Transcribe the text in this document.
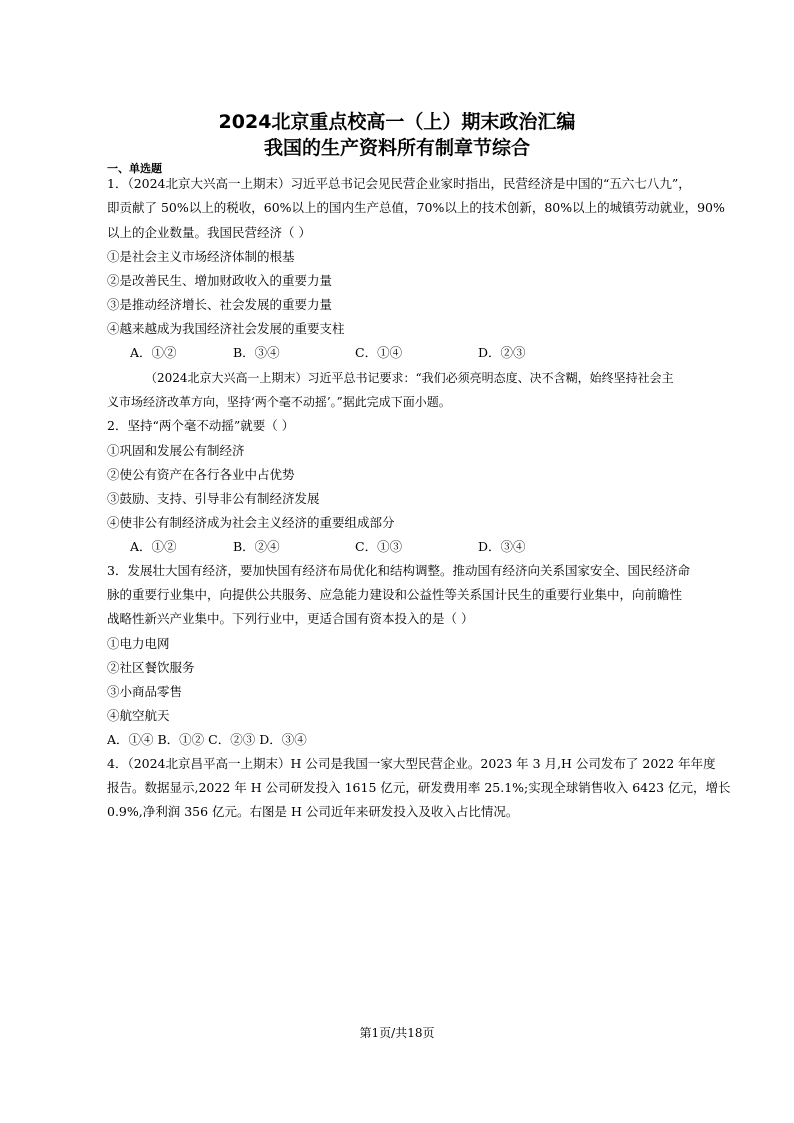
2024北京重点校高一（上）期末政治汇编
我国的生产资料所有制章节综合
一、单选题
1．（2024北京大兴高一上期末）习近平总书记会见民营企业家时指出，民营经济是中国的“五六七八九”，
即贡献了 50%以上的税收，60%以上的国内生产总值，70%以上的技术创新，80%以上的城镇劳动就业，90%
以上的企业数量。我国民营经济（ ）
①是社会主义市场经济体制的根基
②是改善民生、增加财政收入的重要力量
③是推动经济增长、社会发展的重要力量
④越来越成为我国经济社会发展的重要支柱
A．①②	B．③④	C．①④	D．②③
（2024北京大兴高一上期末）习近平总书记要求：“我们必须亮明态度、决不含糊，始终坚持社会主
义市场经济改革方向，坚持‘两个毫不动摇’。”据此完成下面小题。
2．坚持“两个毫不动摇”就要（ ）
①巩固和发展公有制经济
②使公有资产在各行各业中占优势
③鼓励、支持、引导非公有制经济发展
④使非公有制经济成为社会主义经济的重要组成部分
A．①②	B．②④	C．①③	D．③④
3．发展壮大国有经济，要加快国有经济布局优化和结构调整。推动国有经济向关系国家安全、国民经济命
脉的重要行业集中，向提供公共服务、应急能力建设和公益性等关系国计民生的重要行业集中，向前瞻性
战略性新兴产业集中。下列行业中，更适合国有资本投入的是（ ）
①电力电网
②社区餐饮服务
③小商品零售
④航空航天
A．①④ B．①② C．②③ D．③④
4．（2024北京昌平高一上期末）H 公司是我国一家大型民营企业。2023 年 3 月,H 公司发布了 2022 年年度
报告。数据显示,2022 年 H 公司研发投入 1615 亿元，研发费用率 25.1%;实现全球销售收入 6423 亿元，增长
0.9%,净利润 356 亿元。右图是 H 公司近年来研发投入及收入占比情况。
第1页/共18页
